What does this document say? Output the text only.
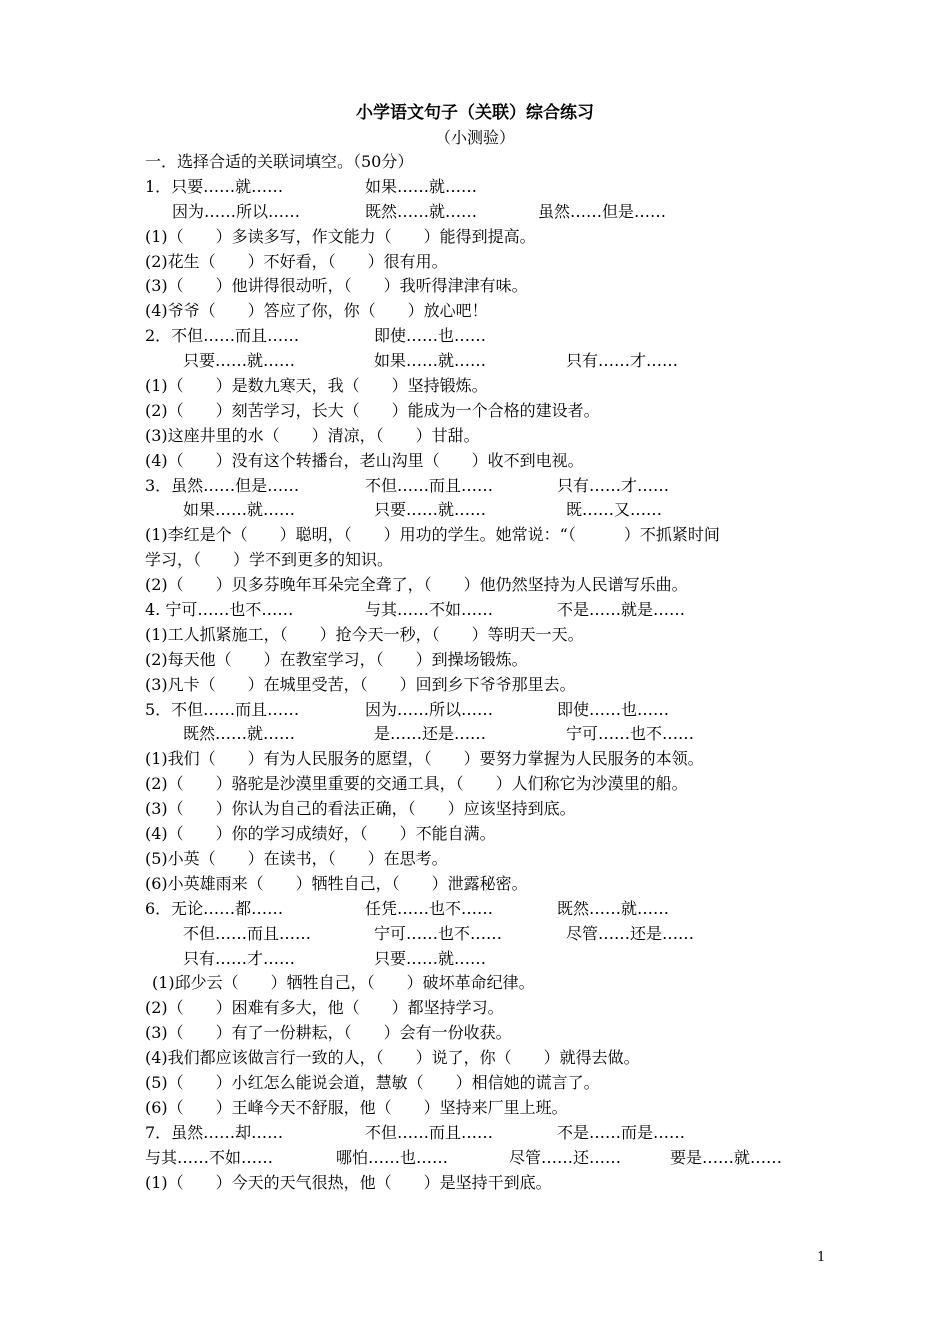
小学语文句子（关联）综合练习
（小测验）
一．选择合适的关联词填空。（50分）
1．只要……就……	如果……就……
因为……所以……	既然……就……	虽然……但是……
(1)（　　）多读多写，作文能力（　　）能得到提高。
(2)花生（　　）不好看，（　　）很有用。
(3)（　　）他讲得很动听，（　　）我听得津津有味。
(4)爷爷（　　）答应了你，你（　　）放心吧！
2．不但……而且……	即使……也……
只要……就……	如果……就……	只有……才……
(1)（　　）是数九寒天，我（　　）坚持锻炼。
(2)（　　）刻苦学习，长大（　　）能成为一个合格的建设者。
(3)这座井里的水（　　）清凉，（　　）甘甜。
(4)（　　）没有这个转播台，老山沟里（　　）收不到电视。
3．虽然……但是……	不但……而且……	只有……才……
如果……就……	只要……就……	既……又……
(1)李红是个（　　）聪明，（　　）用功的学生。她常说：“（　　　）不抓紧时间
学习，（　　）学不到更多的知识。
(2)（　　）贝多芬晚年耳朵完全聋了，（　　）他仍然坚持为人民谱写乐曲。
4. 宁可……也不……	与其……不如……	不是……就是……
(1)工人抓紧施工，（　　）抢今天一秒，（　　）等明天一天。
(2)每天他（　　）在教室学习，（　　）到操场锻炼。
(3)凡卡（　　）在城里受苦，（　　）回到乡下爷爷那里去。
5．不但……而且……	因为……所以……	即使……也……
既然……就……	是……还是……	宁可……也不……
(1)我们（　　）有为人民服务的愿望，（　　）要努力掌握为人民服务的本领。
(2)（　　）骆驼是沙漠里重要的交通工具，（　　）人们称它为沙漠里的船。
(3)（　　）你认为自己的看法正确，（　　）应该坚持到底。
(4)（　　）你的学习成绩好，（　　）不能自满。
(5)小英（　　）在读书，（　　）在思考。
(6)小英雄雨来（　　）牺牲自己，（　　）泄露秘密。
6．无论……都……	任凭……也不……	既然……就……
不但……而且……	宁可……也不……	尽管……还是……
只有……才……	只要……就……
(1)邱少云（　　）牺牲自己，（　　）破坏革命纪律。
(2)（　　）困难有多大，他（　　）都坚持学习。
(3)（　　）有了一份耕耘，（　　）会有一份收获。
(4)我们都应该做言行一致的人，（　　）说了，你（　　）就得去做。
(5)（　　）小红怎么能说会道，慧敏（　　）相信她的谎言了。
(6)（　　）王峰今天不舒服，他（　　）坚持来厂里上班。
7．虽然……却……	不但……而且……	不是……而是……
与其……不如……	哪怕……也……	尽管……还……	要是……就……
(1)（　　）今天的天气很热，他（　　）是坚持干到底。
1
